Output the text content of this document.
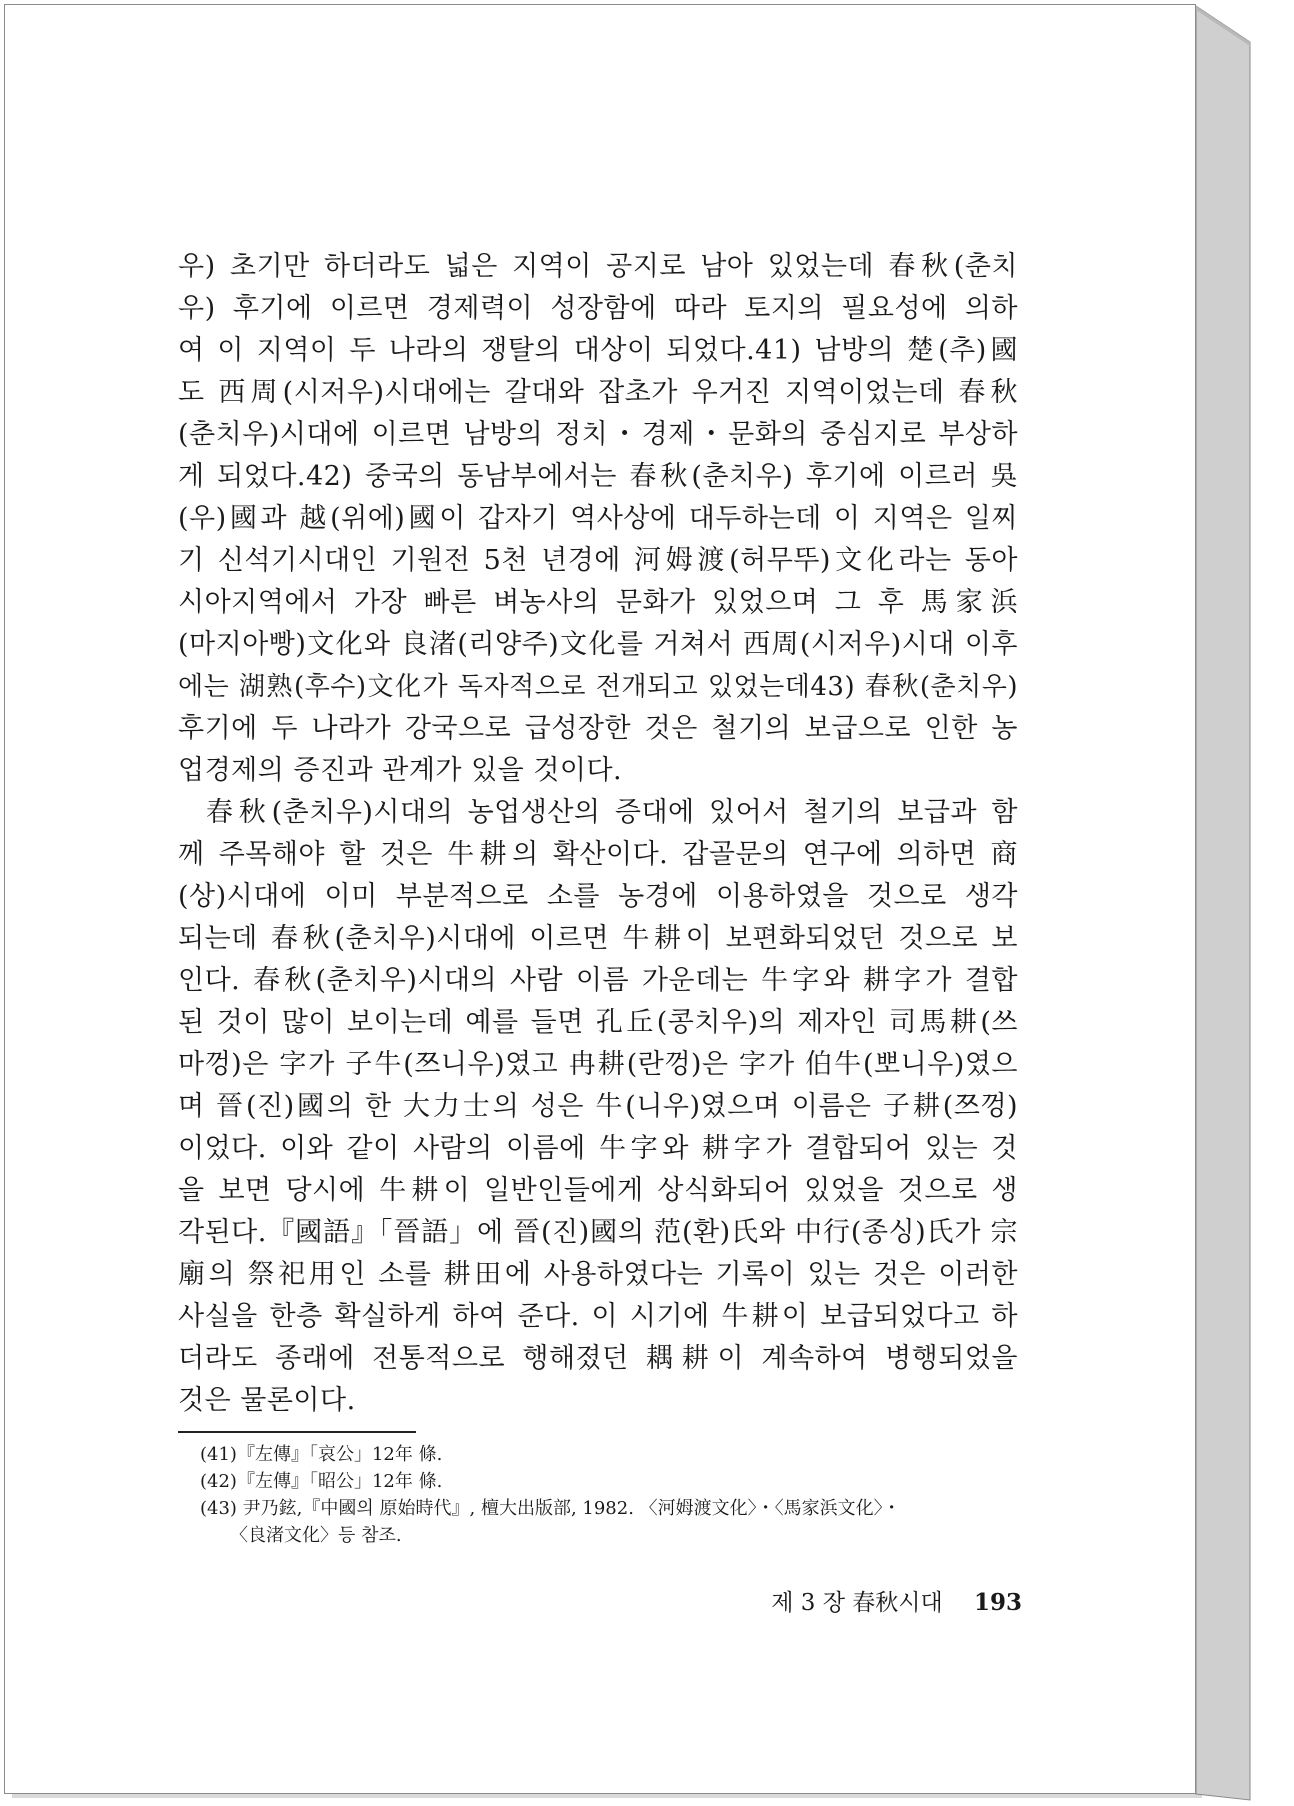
우) 초기만 하더라도 넓은 지역이 공지로 남아 있었는데 春秋(춘치
우) 후기에 이르면 경제력이 성장함에 따라 토지의 필요성에 의하
여 이 지역이 두 나라의 쟁탈의 대상이 되었다.41) 남방의 楚(추)國
도 西周(시저우)시대에는 갈대와 잡초가 우거진 지역이었는데 春秋
(춘치우)시대에 이르면 남방의 정치・경제・문화의 중심지로 부상하
게 되었다.42) 중국의 동남부에서는 春秋(춘치우) 후기에 이르러 吳
(우)國과 越(위에)國이 갑자기 역사상에 대두하는데 이 지역은 일찌
기 신석기시대인 기원전 5천 년경에 河姆渡(허무뚜)文化라는 동아
시아지역에서 가장 빠른 벼농사의 문화가 있었으며 그 후 馬家浜
(마지아빵)文化와 良渚(리양주)文化를 거쳐서 西周(시저우)시대 이후
에는 湖熟(후수)文化가 독자적으로 전개되고 있었는데43) 春秋(춘치우)
후기에 두 나라가 강국으로 급성장한 것은 철기의 보급으로 인한 농
업경제의 증진과 관계가 있을 것이다.
春秋(춘치우)시대의 농업생산의 증대에 있어서 철기의 보급과 함
께 주목해야 할 것은 牛耕의 확산이다. 갑골문의 연구에 의하면 商
(상)시대에 이미 부분적으로 소를 농경에 이용하였을 것으로 생각
되는데 春秋(춘치우)시대에 이르면 牛耕이 보편화되었던 것으로 보
인다. 春秋(춘치우)시대의 사람 이름 가운데는 牛字와 耕字가 결합
된 것이 많이 보이는데 예를 들면 孔丘(콩치우)의 제자인 司馬耕(쓰
마껑)은 字가 子牛(쯔니우)였고 冉耕(란껑)은 字가 伯牛(뽀니우)였으
며 晉(진)國의 한 大力士의 성은 牛(니우)였으며 이름은 子耕(쯔껑)
이었다. 이와 같이 사람의 이름에 牛字와 耕字가 결합되어 있는 것
을 보면 당시에 牛耕이 일반인들에게 상식화되어 있었을 것으로 생
각된다.『國語』「晉語」에 晉(진)國의 范(환)氏와 中行(종싱)氏가 宗
廟의 祭祀用인 소를 耕田에 사용하였다는 기록이 있는 것은 이러한
사실을 한층 확실하게 하여 준다. 이 시기에 牛耕이 보급되었다고 하
더라도 종래에 전통적으로 행해졌던 耦耕이 계속하여 병행되었을
것은 물론이다.
(41)『左傳』「哀公」12年 條.
(42)『左傳』「昭公」12年 條.
(43) 尹乃鉉,『中國의 原始時代』, 檀大出版部, 1982. 〈河姆渡文化〉・〈馬家浜文化〉・
〈良渚文化〉등 참조.
제 3 장 春秋시대 193
